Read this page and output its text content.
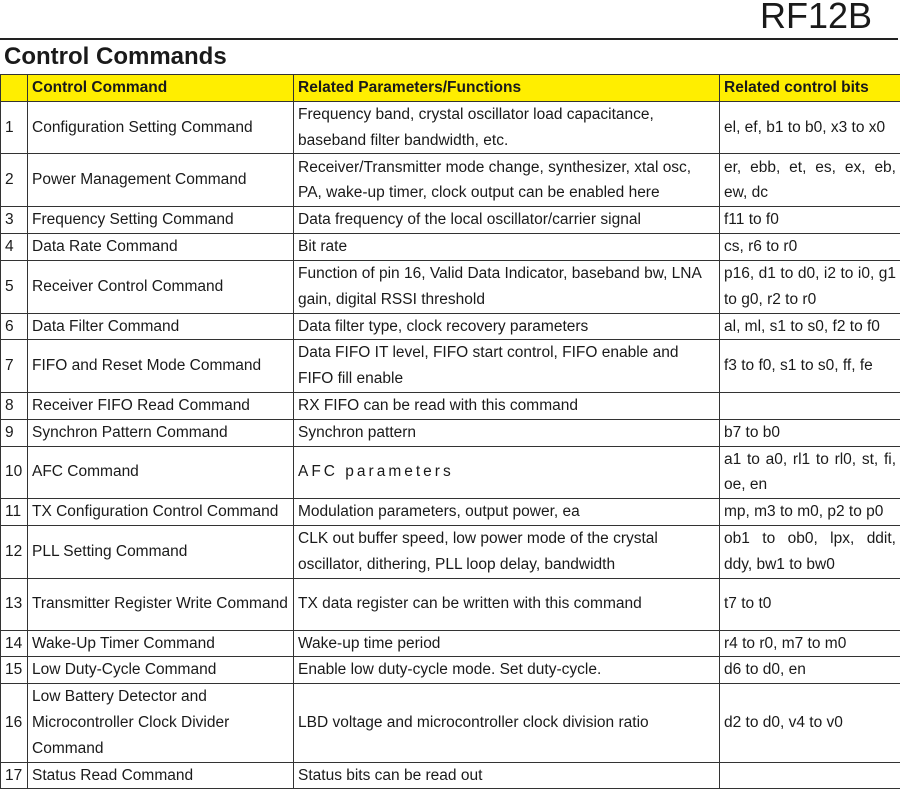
RF12B
Control Commands
	Control Command	Related Parameters/Functions	Related control bits
1	Configuration Setting Command	Frequency band, crystal oscillator load capacitance, baseband filter bandwidth, etc.	el, ef, b1 to b0, x3 to x0
2	Power Management Command	Receiver/Transmitter mode change, synthesizer, xtal osc, PA, wake-up timer, clock output can be enabled here	er, ebb, et, es, ex, eb, ew, dc
3	Frequency Setting Command	Data frequency of the local oscillator/carrier signal	f11 to f0
4	Data Rate Command	Bit rate	cs, r6 to r0
5	Receiver Control Command	Function of pin 16, Valid Data Indicator, baseband bw, LNA gain, digital RSSI threshold	p16, d1 to d0, i2 to i0, g1 to g0, r2 to r0
6	Data Filter Command	Data filter type, clock recovery parameters	al, ml, s1 to s0, f2 to f0
7	FIFO and Reset Mode Command	Data FIFO IT level, FIFO start control, FIFO enable and FIFO fill enable	f3 to f0, s1 to s0, ff, fe
8	Receiver FIFO Read Command	RX FIFO can be read with this command	
9	Synchron Pattern Command	Synchron pattern	b7 to b0
10	AFC Command	AFC parameters	a1 to a0, rl1 to rl0, st, fi, oe, en
11	TX Configuration Control Command	Modulation parameters, output power, ea	mp, m3 to m0, p2 to p0
12	PLL Setting Command	CLK out buffer speed, low power mode of the crystal oscillator, dithering, PLL loop delay, bandwidth	ob1 to ob0, lpx, ddit, ddy, bw1 to bw0
13	Transmitter Register Write Command	TX data register can be written with this command	t7 to t0
14	Wake-Up Timer Command	Wake-up time period	r4 to r0, m7 to m0
15	Low Duty-Cycle Command	Enable low duty-cycle mode. Set duty-cycle.	d6 to d0, en
16	Low Battery Detector and Microcontroller Clock Divider Command	LBD voltage and microcontroller clock division ratio	d2 to d0, v4 to v0
17	Status Read Command	Status bits can be read out	
